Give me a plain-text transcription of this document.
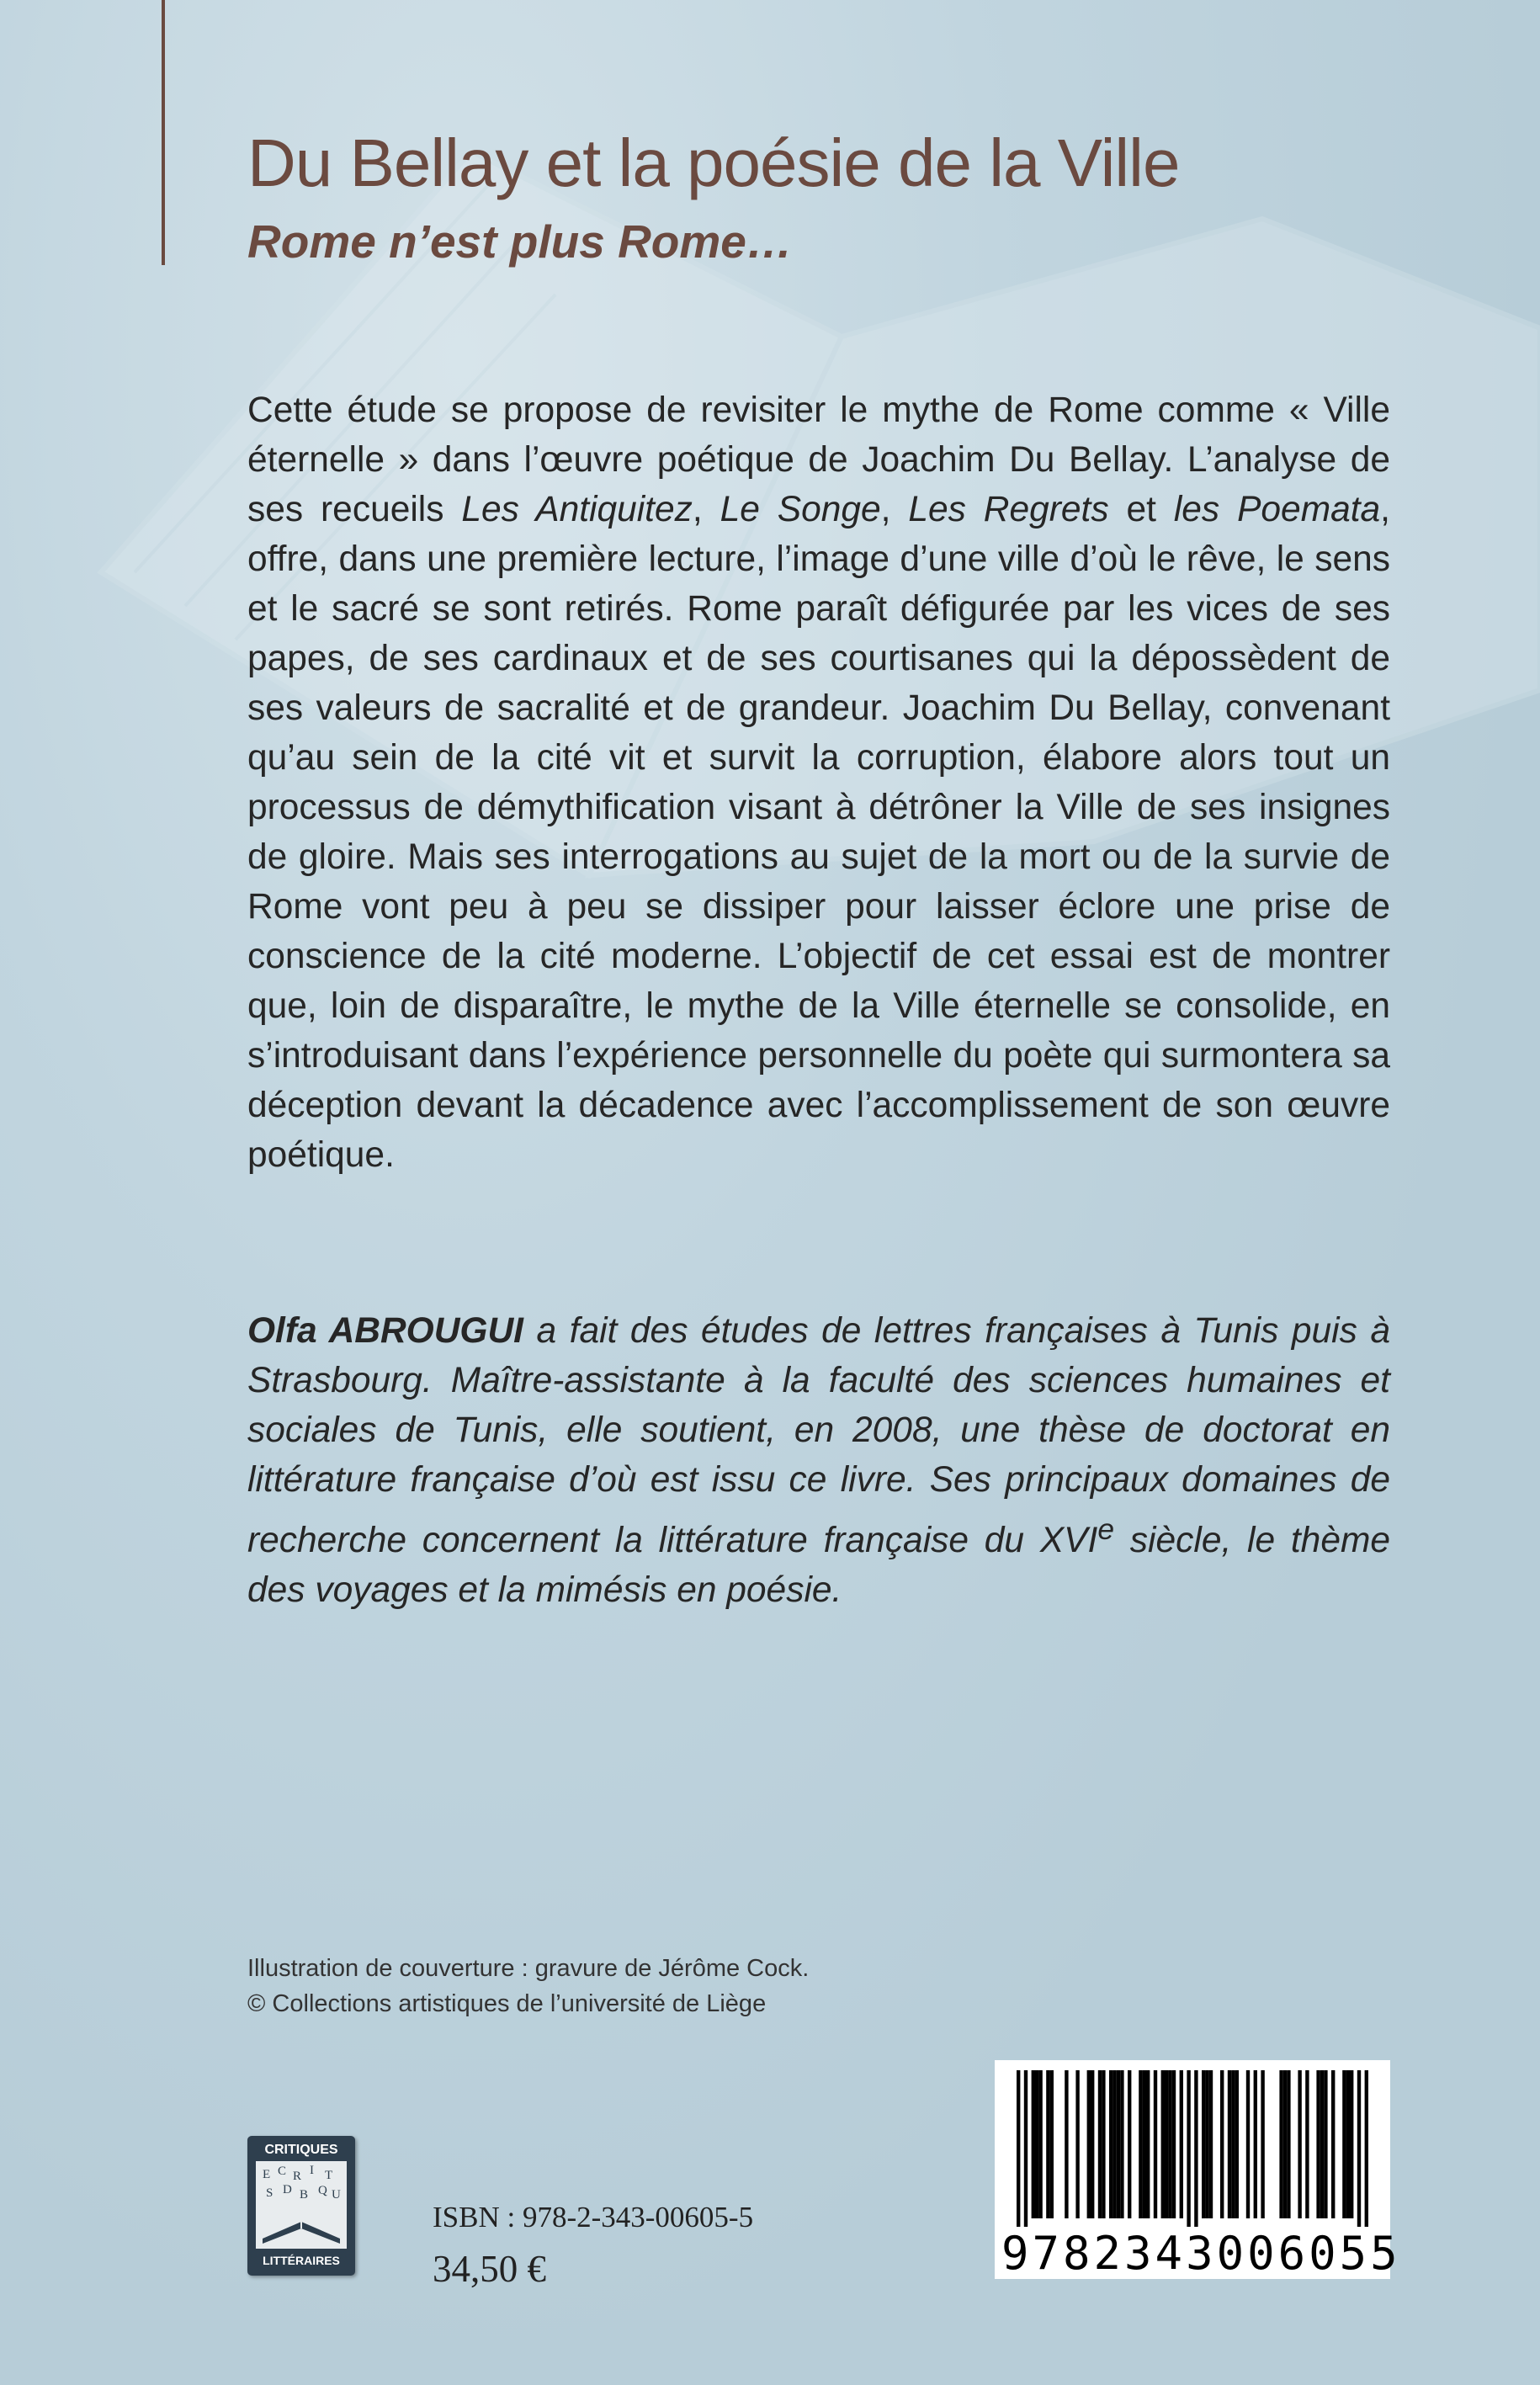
Du Bellay et la poésie de la Ville
Rome n’est plus Rome…

Cette étude se propose de revisiter le mythe de Rome comme « Ville éternelle » dans l’œuvre poétique de Joachim Du Bellay. L’analyse de ses recueils Les Antiquitez, Le Songe, Les Regrets et les Poemata, offre, dans une première lecture, l’image d’une ville d’où le rêve, le sens et le sacré se sont retirés. Rome paraît défigurée par les vices de ses papes, de ses cardinaux et de ses courtisanes qui la dépossèdent de ses valeurs de sacralité et de grandeur. Joachim Du Bellay, convenant qu’au sein de la cité vit et survit la corruption, élabore alors tout un processus de démythification visant à détrôner la Ville de ses insignes de gloire. Mais ses interrogations au sujet de la mort ou de la survie de Rome vont peu à peu se dissiper pour laisser éclore une prise de conscience de la cité moderne. L’objectif de cet essai est de montrer que, loin de disparaître, le mythe de la Ville éternelle se consolide, en s’introduisant dans l’expérience personnelle du poète qui surmontera sa déception devant la décadence avec l’accomplissement de son œuvre poétique.

Olfa ABROUGUI a fait des études de lettres françaises à Tunis puis à Strasbourg. Maître-assistante à la faculté des sciences humaines et sociales de Tunis, elle soutient, en 2008, une thèse de doctorat en littérature française d’où est issu ce livre. Ses principaux domaines de recherche concernent la littérature française du XVIe siècle, le thème des voyages et la mimésis en poésie.

Illustration de couverture : gravure de Jérôme Cock.
© Collections artistiques de l’université de Liège
CRITIQUES
E C R I T
S D B Q U
LITTÉRAIRES
ISBN : 978-2-343-00605-5
34,50 €	9782343006055
